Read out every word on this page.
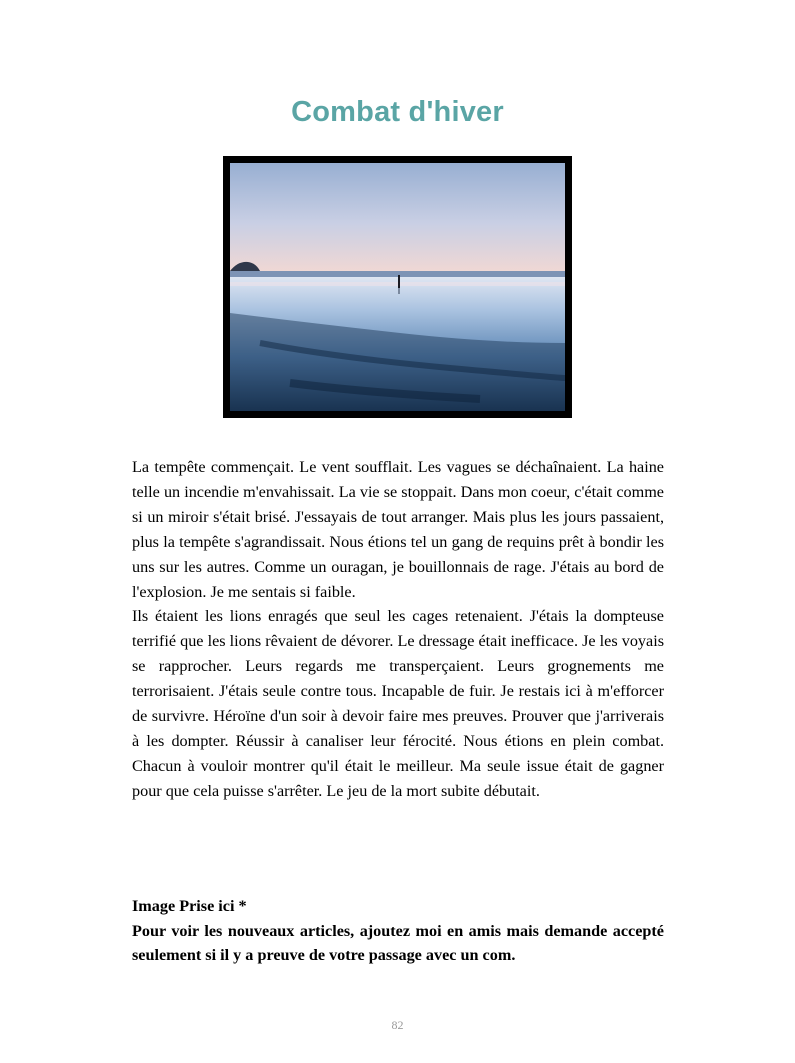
Combat d'hiver

La tempête commençait. Le vent soufflait. Les vagues se déchaînaient. La haine telle un incendie m'envahissait. La vie se stoppait. Dans mon coeur, c'était comme si un miroir s'était brisé. J'essayais de tout arranger. Mais plus les jours passaient, plus la tempête s'agrandissait. Nous étions tel un gang de requins prêt à bondir les uns sur les autres. Comme un ouragan, je bouillonnais de rage. J'étais au bord de l'explosion. Je me sentais si faible.

Ils étaient les lions enragés que seul les cages retenaient. J'étais la dompteuse terrifié que les lions rêvaient de dévorer. Le dressage était inefficace. Je les voyais se rapprocher. Leurs regards me transperçaient. Leurs grognements me terrorisaient. J'étais seule contre tous. Incapable de fuir. Je restais ici à m'efforcer de survivre. Héroïne d'un soir à devoir faire mes preuves. Prouver que j'arriverais à les dompter. Réussir à canaliser leur férocité. Nous étions en plein combat. Chacun à vouloir montrer qu'il était le meilleur. Ma seule issue était de gagner pour que cela puisse s'arrêter. Le jeu de la mort subite débutait.

Image Prise ici *

Pour voir les nouveaux articles, ajoutez moi en amis mais demande accepté seulement si il y a preuve de votre passage avec un com.

82
